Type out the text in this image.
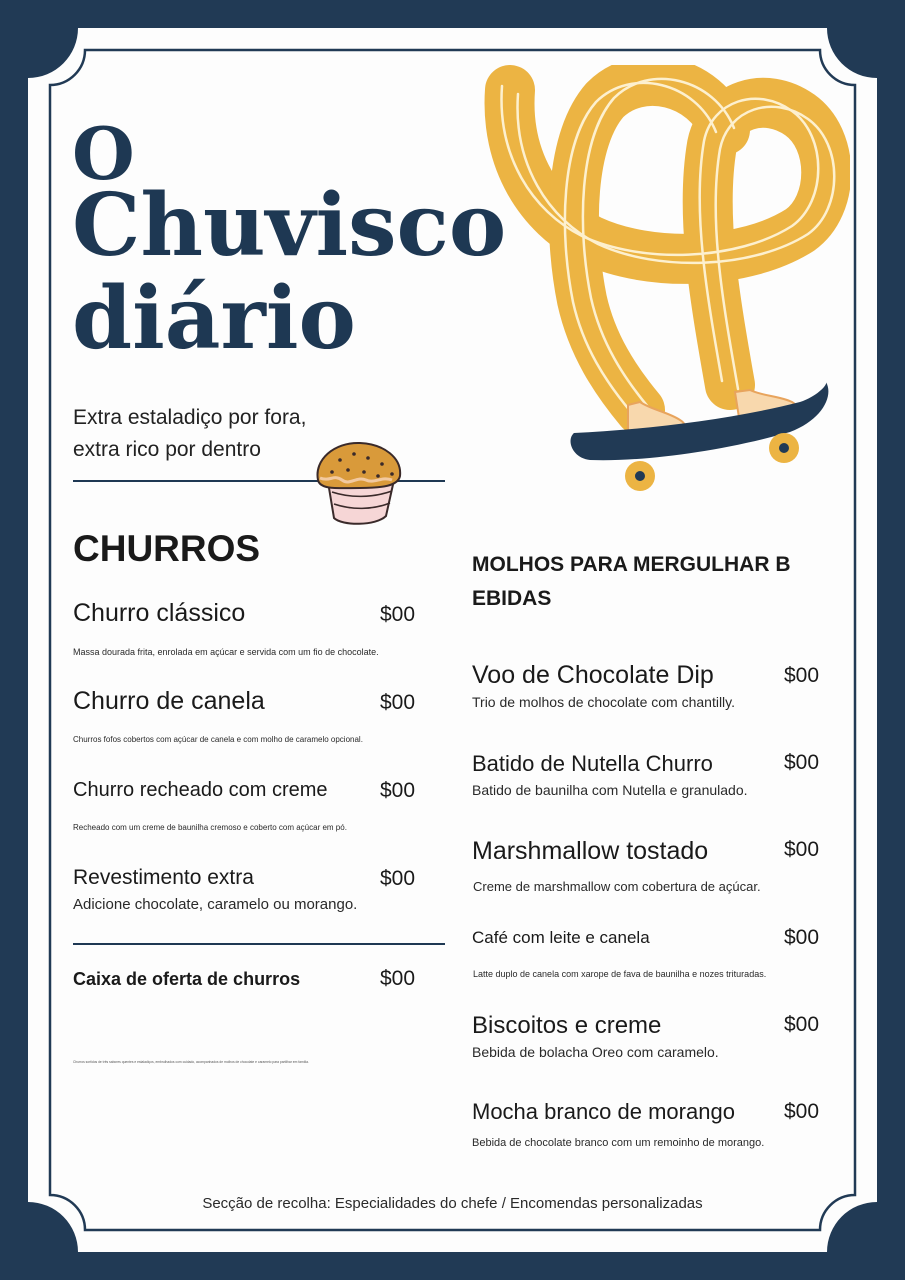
O
Chuvisco
diário
Extra estaladiço por fora,
extra rico por dentro
CHURROS
Churro clássico	$00
Massa dourada frita, enrolada em açúcar e servida com um fio de chocolate.
Churro de canela	$00
Churros fofos cobertos com açúcar de canela e com molho de caramelo opcional.
Churro recheado com creme $00
Recheado com um creme de baunilha cremoso e coberto com açúcar em pó.
Revestimento extra	$00
Adicione chocolate, caramelo ou morango.
Caixa de oferta de churros	$00
Churros sortidos de três sabores quentes e estaladiços, embrulhados com cuidado, acompanhados de molhos de chocolate e caramelo para partilhar em família.
MOLHOS PARA MERGULHAR B
EBIDAS
Voo de Chocolate Dip	$00
Trio de molhos de chocolate com chantilly.
Batido de Nutella Churro	$00
Batido de baunilha com Nutella e granulado.
Marshmallow tostado	$00
Creme de marshmallow com cobertura de açúcar.
Café com leite e canela	$00
Latte duplo de canela com xarope de fava de baunilha e nozes trituradas.
Biscoitos e creme	$00
Bebida de bolacha Oreo com caramelo.
Mocha branco de morango $00
Bebida de chocolate branco com um remoinho de morango.
Secção de recolha: Especialidades do chefe / Encomendas personalizadas
